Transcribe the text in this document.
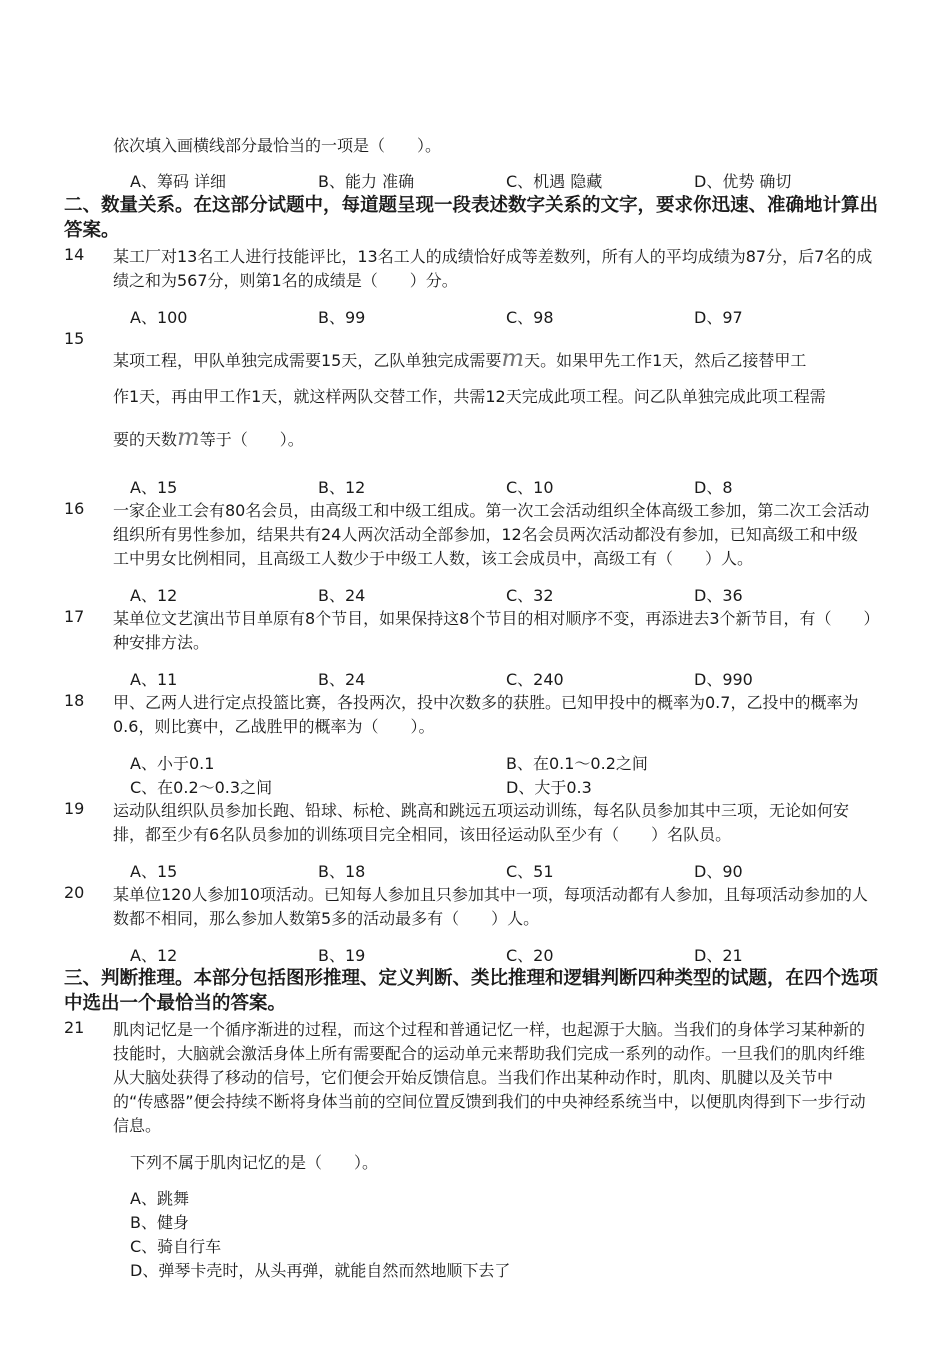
依次填入画横线部分最恰当的一项是（　　）。
A、筹码 详细	B、能力 准确	C、机遇 隐藏	D、优势 确切
二、数量关系。在这部分试题中，每道题呈现一段表述数字关系的文字，要求你迅速、准确地计算出答案。
14 某工厂对13名工人进行技能评比，13名工人的成绩恰好成等差数列，所有人的平均成绩为87分，后7名的成绩之和为567分，则第1名的成绩是（　　）分。
A、100	B、99	C、98	D、97
15
某项工程，甲队单独完成需要15天，乙队单独完成需要m天。如果甲先工作1天，然后乙接替甲工
作1天，再由甲工作1天，就这样两队交替工作，共需12天完成此项工程。问乙队单独完成此项工程需
要的天数m等于（　　）。
A、15	B、12	C、10	D、8
16 一家企业工会有80名会员，由高级工和中级工组成。第一次工会活动组织全体高级工参加，第二次工会活动组织所有男性参加，结果共有24人两次活动全部参加，12名会员两次活动都没有参加，已知高级工和中级工中男女比例相同，且高级工人数少于中级工人数，该工会成员中，高级工有（　　）人。
A、12	B、24	C、32	D、36
17 某单位文艺演出节目单原有8个节目，如果保持这8个节目的相对顺序不变，再添进去3个新节目，有（　　）种安排方法。
A、11	B、24	C、240	D、990
18 甲、乙两人进行定点投篮比赛，各投两次，投中次数多的获胜。已知甲投中的概率为0.7，乙投中的概率为0.6，则比赛中，乙战胜甲的概率为（　　）。
A、小于0.1	B、在0.1～0.2之间
C、在0.2～0.3之间	D、大于0.3
19 运动队组织队员参加长跑、铅球、标枪、跳高和跳远五项运动训练，每名队员参加其中三项，无论如何安排，都至少有6名队员参加的训练项目完全相同，该田径运动队至少有（　　）名队员。
A、15	B、18	C、51	D、90
20 某单位120人参加10项活动。已知每人参加且只参加其中一项，每项活动都有人参加，且每项活动参加的人数都不相同，那么参加人数第5多的活动最多有（　　）人。
A、12	B、19	C、20	D、21
三、判断推理。本部分包括图形推理、定义判断、类比推理和逻辑判断四种类型的试题，在四个选项中选出一个最恰当的答案。
21 肌肉记忆是一个循序渐进的过程，而这个过程和普通记忆一样，也起源于大脑。当我们的身体学习某种新的技能时，大脑就会激活身体上所有需要配合的运动单元来帮助我们完成一系列的动作。一旦我们的肌肉纤维从大脑处获得了移动的信号，它们便会开始反馈信息。当我们作出某种动作时，肌肉、肌腱以及关节中的“传感器”便会持续不断将身体当前的空间位置反馈到我们的中央神经系统当中，以便肌肉得到下一步行动信息。
下列不属于肌肉记忆的是（　　）。
A、跳舞
B、健身
C、骑自行车
D、弹琴卡壳时，从头再弹，就能自然而然地顺下去了
